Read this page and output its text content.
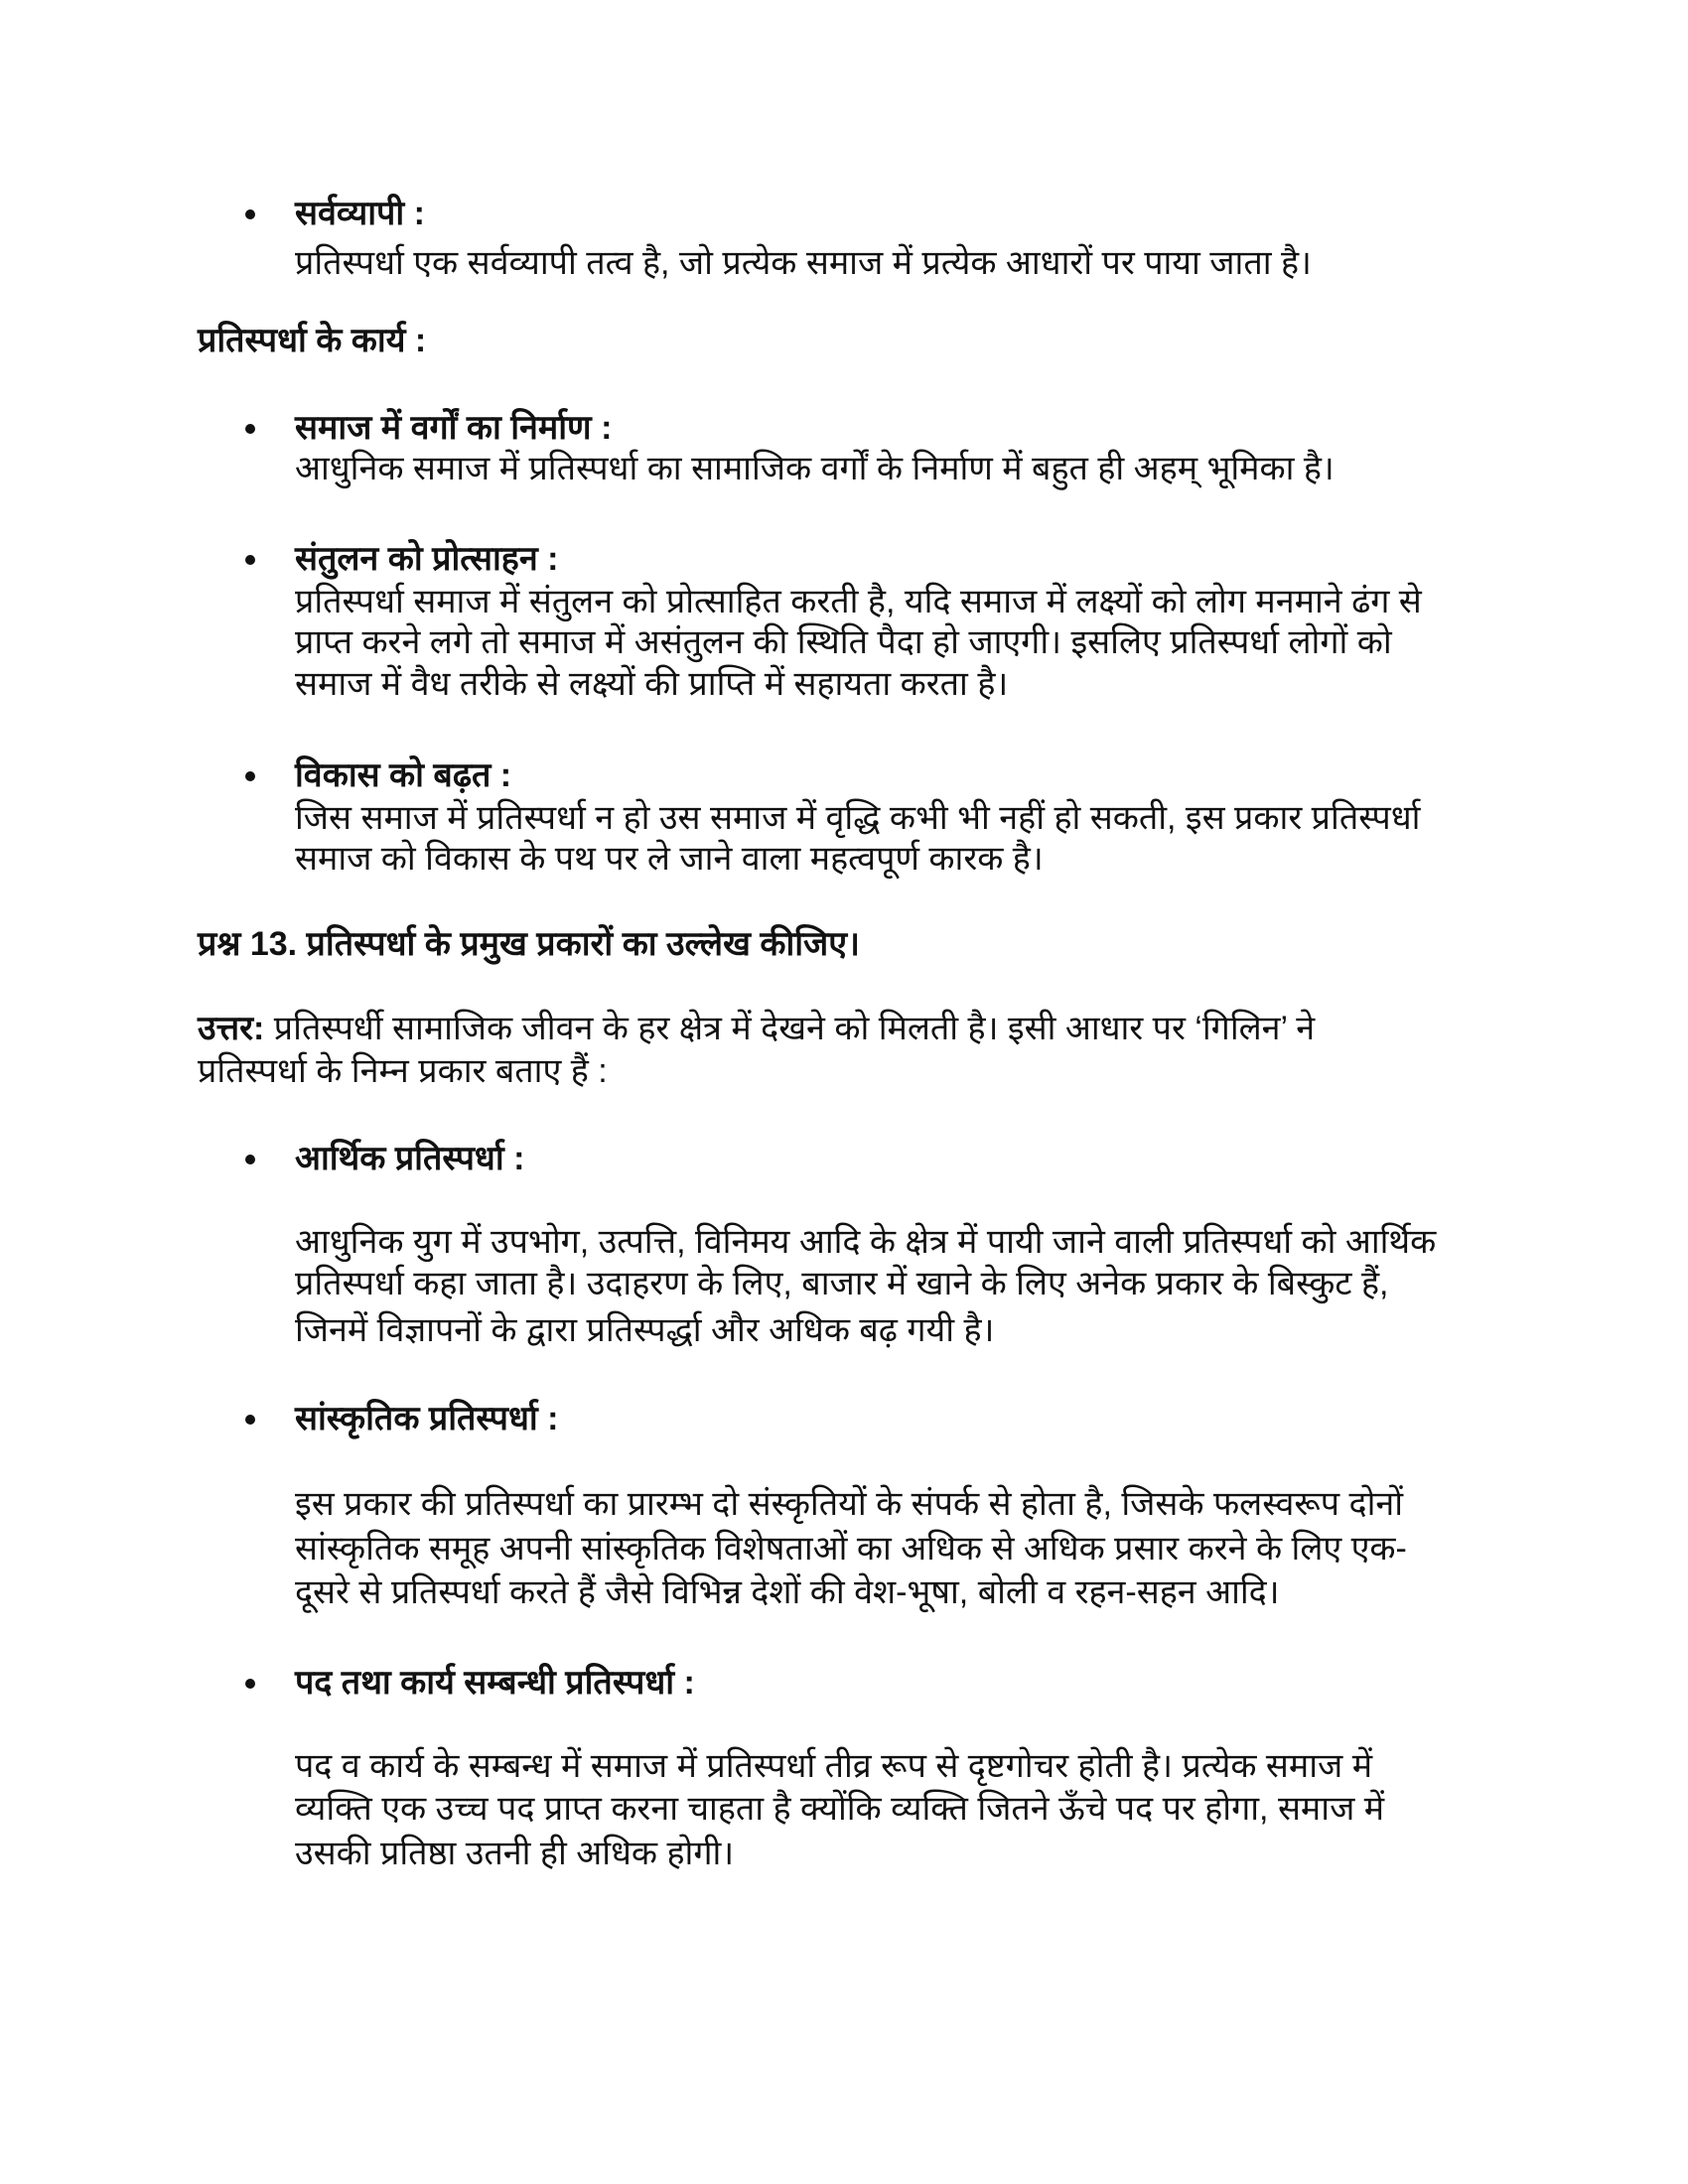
सर्वव्यापी :
प्रतिस्पर्धा एक सर्वव्यापी तत्व है, जो प्रत्येक समाज में प्रत्येक आधारों पर पाया जाता है।
प्रतिस्पर्धा के कार्य :
समाज में वर्गों का निर्माण :
आधुनिक समाज में प्रतिस्पर्धा का सामाजिक वर्गों के निर्माण में बहुत ही अहम् भूमिका है।
संतुलन को प्रोत्साहन :
प्रतिस्पर्धा समाज में संतुलन को प्रोत्साहित करती है, यदि समाज में लक्ष्यों को लोग मनमाने ढंग से
प्राप्त करने लगे तो समाज में असंतुलन की स्थिति पैदा हो जाएगी। इसलिए प्रतिस्पर्धा लोगों को
समाज में वैध तरीके से लक्ष्यों की प्राप्ति में सहायता करता है।
विकास को बढ़त :
जिस समाज में प्रतिस्पर्धा न हो उस समाज में वृद्धि कभी भी नहीं हो सकती, इस प्रकार प्रतिस्पर्धा
समाज को विकास के पथ पर ले जाने वाला महत्वपूर्ण कारक है।
प्रश्न 13. प्रतिस्पर्धा के प्रमुख प्रकारों का उल्लेख कीजिए।
उत्तर: प्रतिस्पर्धी सामाजिक जीवन के हर क्षेत्र में देखने को मिलती है। इसी आधार पर ‘गिलिन’ ने
प्रतिस्पर्धा के निम्न प्रकार बताए हैं :
आर्थिक प्रतिस्पर्धा :
आधुनिक युग में उपभोग, उत्पत्ति, विनिमय आदि के क्षेत्र में पायी जाने वाली प्रतिस्पर्धा को आर्थिक
प्रतिस्पर्धा कहा जाता है। उदाहरण के लिए, बाजार में खाने के लिए अनेक प्रकार के बिस्कुट हैं,
जिनमें विज्ञापनों के द्वारा प्रतिस्पर्द्धा और अधिक बढ़ गयी है।
सांस्कृतिक प्रतिस्पर्धा :
इस प्रकार की प्रतिस्पर्धा का प्रारम्भ दो संस्कृतियों के संपर्क से होता है, जिसके फलस्वरूप दोनों
सांस्कृतिक समूह अपनी सांस्कृतिक विशेषताओं का अधिक से अधिक प्रसार करने के लिए एक-
दूसरे से प्रतिस्पर्धा करते हैं जैसे विभिन्न देशों की वेश-भूषा, बोली व रहन-सहन आदि।
पद तथा कार्य सम्बन्धी प्रतिस्पर्धा :
पद व कार्य के सम्बन्ध में समाज में प्रतिस्पर्धा तीव्र रूप से दृष्टगोचर होती है। प्रत्येक समाज में
व्यक्ति एक उच्च पद प्राप्त करना चाहता है क्योंकि व्यक्ति जितने ऊँचे पद पर होगा, समाज में
उसकी प्रतिष्ठा उतनी ही अधिक होगी।
